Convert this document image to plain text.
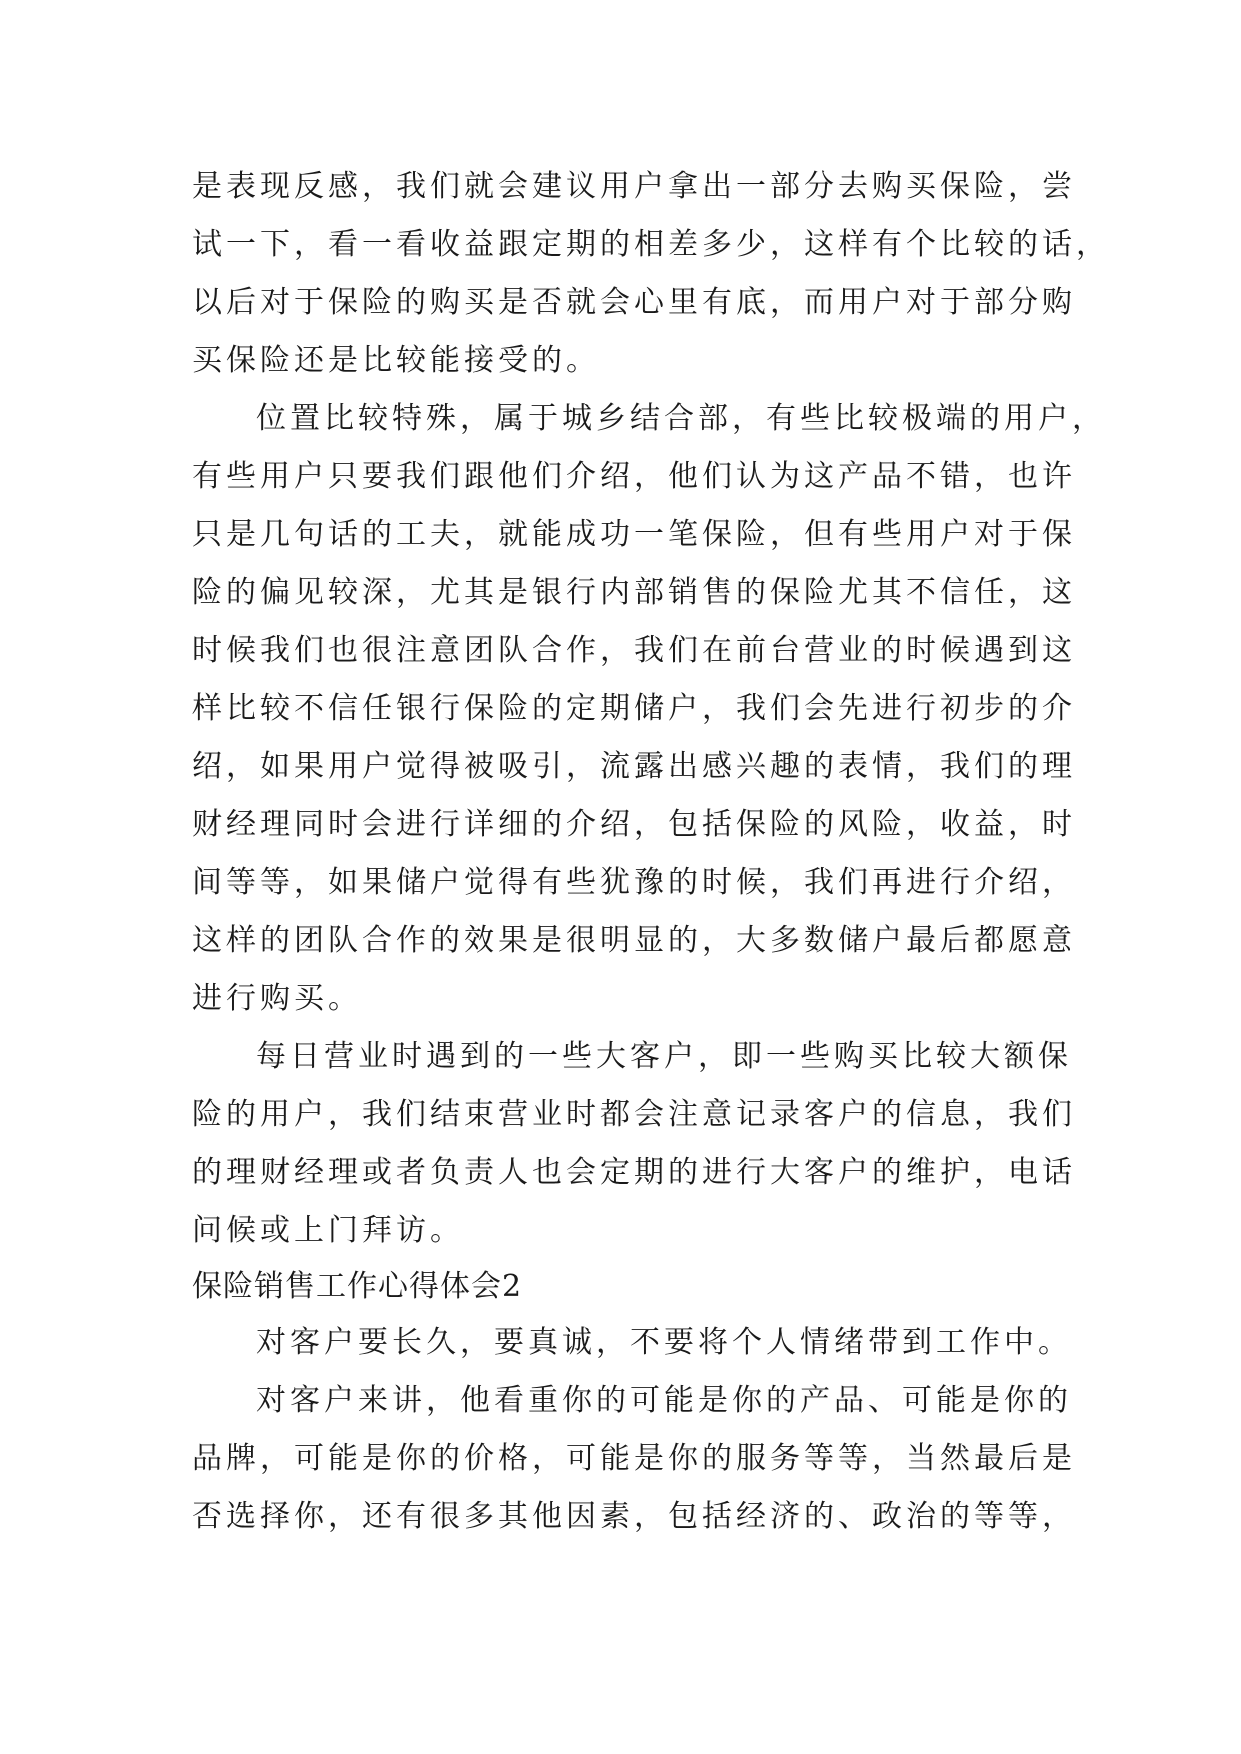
是表现反感，我们就会建议用户拿出一部分去购买保险，尝
试一下，看一看收益跟定期的相差多少，这样有个比较的话，
以后对于保险的购买是否就会心里有底，而用户对于部分购
买保险还是比较能接受的。
位置比较特殊，属于城乡结合部，有些比较极端的用户，
有些用户只要我们跟他们介绍，他们认为这产品不错，也许
只是几句话的工夫，就能成功一笔保险，但有些用户对于保
险的偏见较深，尤其是银行内部销售的保险尤其不信任，这
时候我们也很注意团队合作，我们在前台营业的时候遇到这
样比较不信任银行保险的定期储户，我们会先进行初步的介
绍，如果用户觉得被吸引，流露出感兴趣的表情，我们的理
财经理同时会进行详细的介绍，包括保险的风险，收益，时
间等等，如果储户觉得有些犹豫的时候，我们再进行介绍，
这样的团队合作的效果是很明显的，大多数储户最后都愿意
进行购买。
每日营业时遇到的一些大客户，即一些购买比较大额保
险的用户，我们结束营业时都会注意记录客户的信息，我们
的理财经理或者负责人也会定期的进行大客户的维护，电话
问候或上门拜访。
保险销售工作心得体会2
对客户要长久，要真诚，不要将个人情绪带到工作中。
对客户来讲，他看重你的可能是你的产品、可能是你的
品牌，可能是你的价格，可能是你的服务等等，当然最后是
否选择你，还有很多其他因素，包括经济的、政治的等等，
